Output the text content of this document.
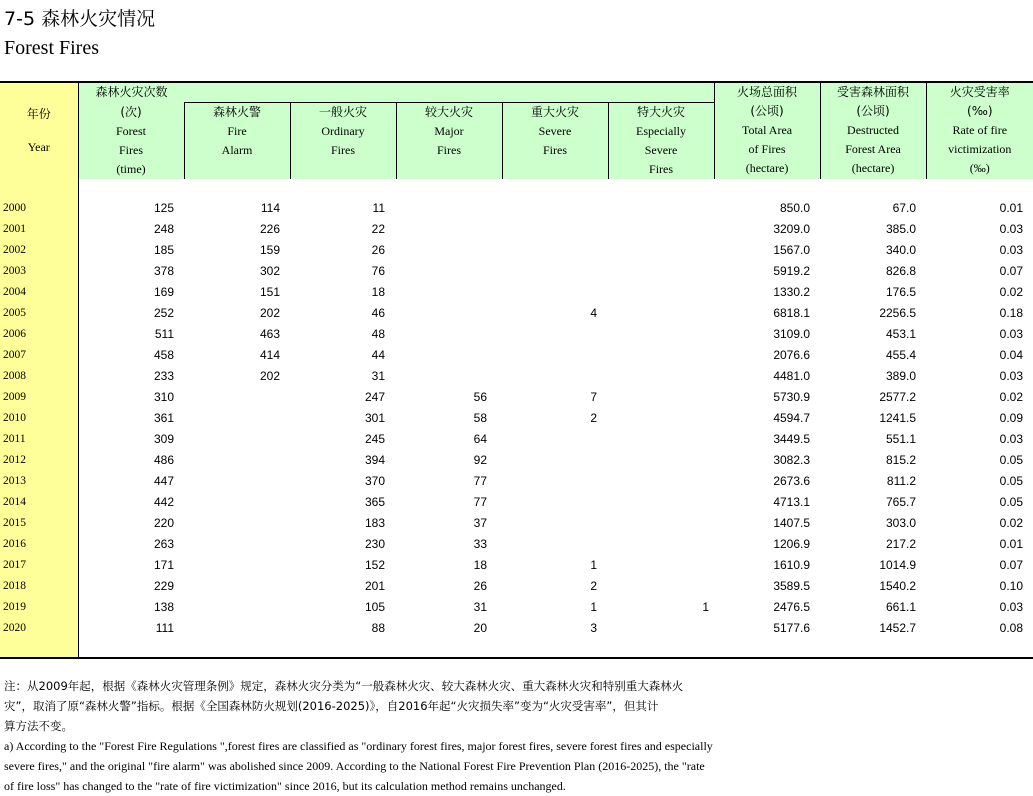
7-5 森林火灾情况
Forest Fires
年份
Year	森林火灾次数						火场总面积
(公顷)
Total Area
of Fires
(hectare)	受害森林面积
(公顷)
Destructed
Forest Area
(hectare)	火灾受害率
(‰)
Rate of fire
victimization
(‰)

	(次)
Forest
Fires
(time)	森林火警
Fire
Alarm	一般火灾
Ordinary
Fires	较大火灾
Major
Fires	重大火灾
Severe
Fires	特大火灾
Especially
Severe
Fires			

2000	125	114	11				850.0	67.0	0.01
2001	248	226	22				3209.0	385.0	0.03
2002	185	159	26				1567.0	340.0	0.03
2003	378	302	76				5919.2	826.8	0.07
2004	169	151	18				1330.2	176.5	0.02
2005	252	202	46		4		6818.1	2256.5	0.18
2006	511	463	48				3109.0	453.1	0.03
2007	458	414	44				2076.6	455.4	0.04
2008	233	202	31				4481.0	389.0	0.03
2009	310		247	56	7		5730.9	2577.2	0.02
2010	361		301	58	2		4594.7	1241.5	0.09
2011	309		245	64			3449.5	551.1	0.03
2012	486		394	92			3082.3	815.2	0.05
2013	447		370	77			2673.6	811.2	0.05
2014	442		365	77			4713.1	765.7	0.05
2015	220		183	37			1407.5	303.0	0.02
2016	263		230	33			1206.9	217.2	0.01
2017	171		152	18	1		1610.9	1014.9	0.07
2018	229		201	26	2		3589.5	1540.2	0.10
2019	138		105	31	1	1	2476.5	661.1	0.03
2020	111		88	20	3		5177.6	1452.7	0.08

注：从2009年起，根据《森林火灾管理条例》规定，森林火灾分类为“一般森林火灾、较大森林火灾、重大森林火灾和特别重大森林火
灾”，取消了原“森林火警”指标。根据《全国森林防火规划(2016-2025)》，自2016年起“火灾损失率”变为“火灾受害率”，但其计
算方法不变。
a) According to the "Forest Fire Regulations ",forest fires are classified as "ordinary forest fires, major forest fires, severe forest fires and especially
severe fires," and the original "fire alarm" was abolished since 2009. According to the National Forest Fire Prevention Plan (2016-2025), the "rate
of fire loss" has changed to the "rate of fire victimization" since 2016, but its calculation method remains unchanged.
